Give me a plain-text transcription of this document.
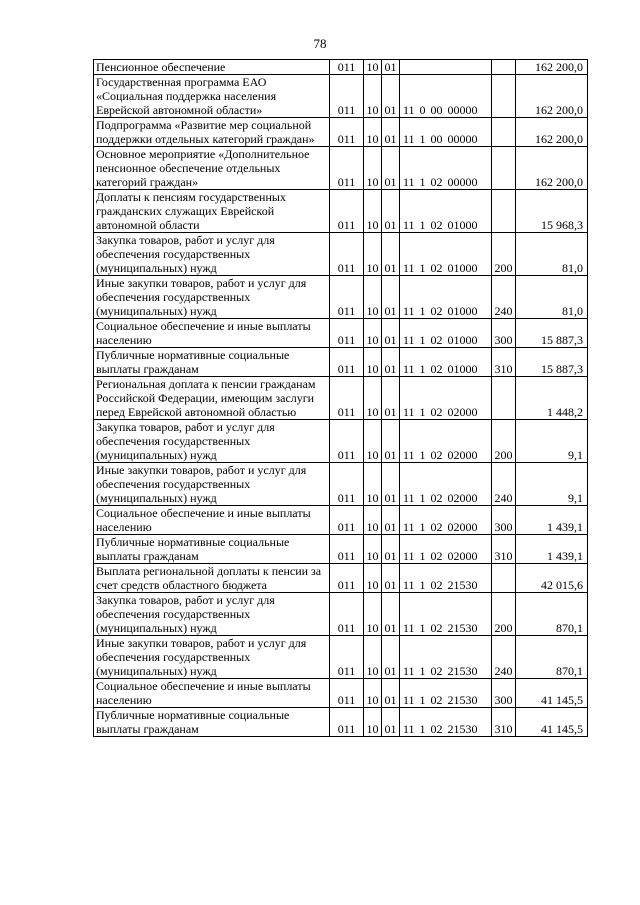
78
Пенсионное обеспечение	011	10	01			162 200,0
Государственная программа ЕАО «Социальная поддержка населения Еврейской автономной области»	011	10	01	11 0 00 00000		162 200,0
Подпрограмма «Развитие мер социальной поддержки отдельных категорий граждан»	011	10	01	11 1 00 00000		162 200,0
Основное мероприятие «Дополнительное пенсионное обеспечение отдельных категорий граждан»	011	10	01	11 1 02 00000		162 200,0
Доплаты к пенсиям государственных гражданских служащих Еврейской автономной области	011	10	01	11 1 02 01000		15 968,3
Закупка товаров, работ и услуг для обеспечения государственных (муниципальных) нужд	011	10	01	11 1 02 01000	200	81,0
Иные закупки товаров, работ и услуг для обеспечения государственных (муниципальных) нужд	011	10	01	11 1 02 01000	240	81,0
Социальное обеспечение и иные выплаты населению	011	10	01	11 1 02 01000	300	15 887,3
Публичные нормативные социальные выплаты гражданам	011	10	01	11 1 02 01000	310	15 887,3
Региональная доплата к пенсии гражданам Российской Федерации, имеющим заслуги перед Еврейской автономной областью	011	10	01	11 1 02 02000		1 448,2
Закупка товаров, работ и услуг для обеспечения государственных (муниципальных) нужд	011	10	01	11 1 02 02000	200	9,1
Иные закупки товаров, работ и услуг для обеспечения государственных (муниципальных) нужд	011	10	01	11 1 02 02000	240	9,1
Социальное обеспечение и иные выплаты населению	011	10	01	11 1 02 02000	300	1 439,1
Публичные нормативные социальные выплаты гражданам	011	10	01	11 1 02 02000	310	1 439,1
Выплата региональной доплаты к пенсии за счет средств областного бюджета	011	10	01	11 1 02 21530		42 015,6
Закупка товаров, работ и услуг для обеспечения государственных (муниципальных) нужд	011	10	01	11 1 02 21530	200	870,1
Иные закупки товаров, работ и услуг для обеспечения государственных (муниципальных) нужд	011	10	01	11 1 02 21530	240	870,1
Социальное обеспечение и иные выплаты населению	011	10	01	11 1 02 21530	300	41 145,5
Публичные нормативные социальные выплаты гражданам	011	10	01	11 1 02 21530	310	41 145,5
